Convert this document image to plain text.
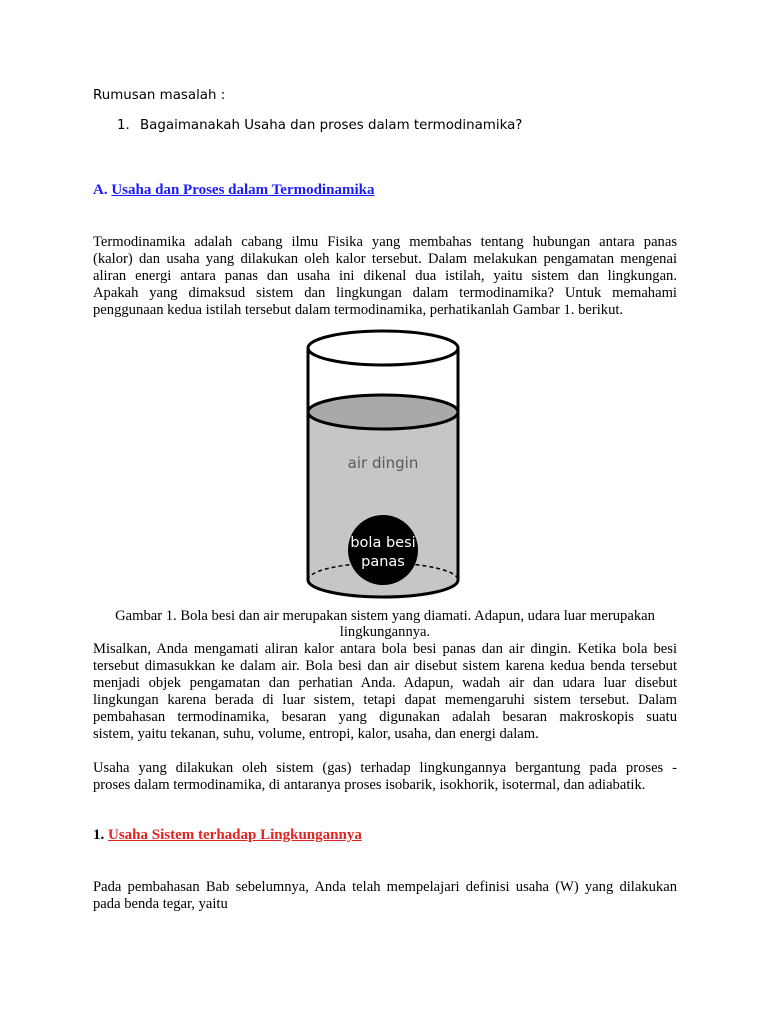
Rumusan masalah :
1. Bagaimanakah Usaha dan proses dalam termodinamika?
A. Usaha dan Proses dalam Termodinamika
Termodinamika adalah cabang ilmu Fisika yang membahas tentang hubungan antara panas
(kalor) dan usaha yang dilakukan oleh kalor tersebut. Dalam melakukan pengamatan mengenai
aliran energi antara panas dan usaha ini dikenal dua istilah, yaitu sistem dan lingkungan.
Apakah yang dimaksud sistem dan lingkungan dalam termodinamika? Untuk memahami
penggunaan kedua istilah tersebut dalam termodinamika, perhatikanlah Gambar 1. berikut.
air dingin
bola besi
panas
Gambar 1. Bola besi dan air merupakan sistem yang diamati. Adapun, udara luar merupakan
lingkungannya.
Misalkan, Anda mengamati aliran kalor antara bola besi panas dan air dingin. Ketika bola besi
tersebut dimasukkan ke dalam air. Bola besi dan air disebut sistem karena kedua benda tersebut
menjadi objek pengamatan dan perhatian Anda. Adapun, wadah air dan udara luar disebut
lingkungan karena berada di luar sistem, tetapi dapat memengaruhi sistem tersebut. Dalam
pembahasan termodinamika, besaran yang digunakan adalah besaran makroskopis suatu
sistem, yaitu tekanan, suhu, volume, entropi, kalor, usaha, dan energi dalam.
Usaha yang dilakukan oleh sistem (gas) terhadap lingkungannya bergantung pada proses -
proses dalam termodinamika, di antaranya proses isobarik, isokhorik, isotermal, dan adiabatik.
1. Usaha Sistem terhadap Lingkungannya
Pada pembahasan Bab sebelumnya, Anda telah mempelajari definisi usaha (W) yang dilakukan
pada benda tegar, yaitu
